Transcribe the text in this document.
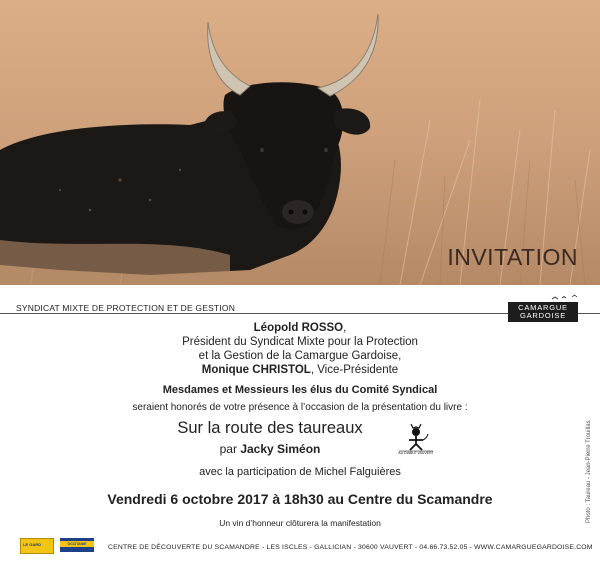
INVITATION
SYNDICAT MIXTE DE PROTECTION ET DE GESTION	CAMARGUE
GARDOISE
Léopold ROSSO,
Président du Syndicat Mixte pour la Protection
et la Gestion de la Camargue Gardoise,
Monique CHRISTOL, Vice-Présidente
Mesdames et Messieurs les élus du Comité Syndical
seraient honorés de votre présence à l’occasion de la présentation du livre :
Sur la route des taureaux
par Jacky Siméon	AU DIABLE VAUVERT
avec la participation de Michel Falguières
Vendredi 6 octobre 2017 à 18h30 au Centre du Scamandre
Un vin d’honneur clôturera la manifestation	Photo : Taureau - Jean-Pierre Trouillas
LE GARD	OCCITANIE	CENTRE DE DÉCOUVERTE DU SCAMANDRE - LES ISCLES - GALLICIAN - 30600 VAUVERT - 04.66.73.52.05 - WWW.CAMARGUEGARDOISE.COM
